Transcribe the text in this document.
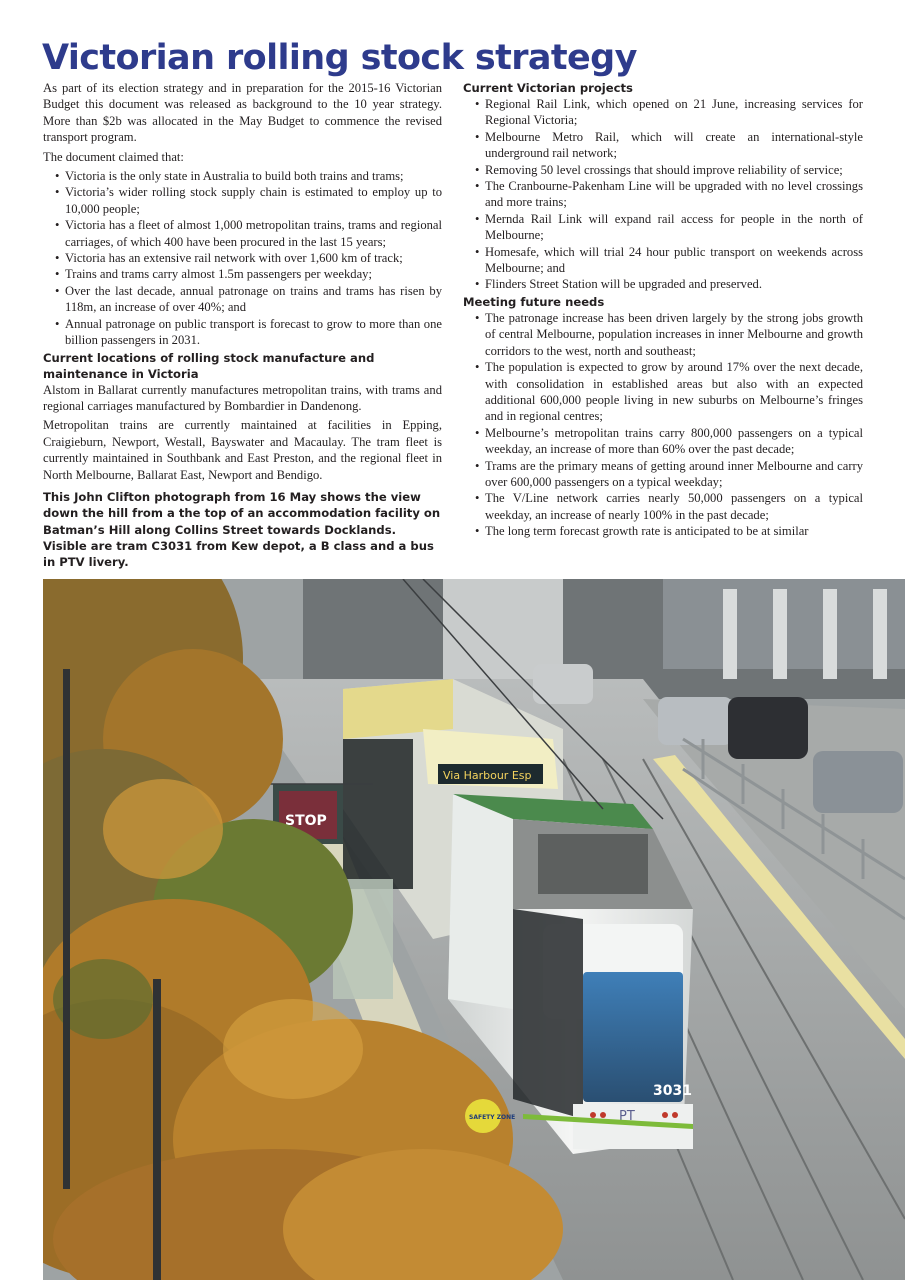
Victorian rolling stock strategy

As part of its election strategy and in preparation for the 2015-16 Victorian Budget this document was released as background to the 10 year strategy. More than $2b was allocated in the May Budget to commence the revised transport program.

The document claimed that:

• Victoria is the only state in Australia to build both trains and trams;
• Victoria’s wider rolling stock supply chain is estimated to employ up to 10,000 people;
• Victoria has a fleet of almost 1,000 metropolitan trains, trams and regional carriages, of which 400 have been procured in the last 15 years;
• Victoria has an extensive rail network with over 1,600 km of track;
• Trains and trams carry almost 1.5m passengers per weekday;
• Over the last decade, annual patronage on trains and trams has risen by 118m, an increase of over 40%; and
• Annual patronage on public transport is forecast to grow to more than one billion passengers in 2031.
Current locations of rolling stock manufacture and maintenance in Victoria

Alstom in Ballarat currently manufactures metropolitan trains, with trams and regional carriages manufactured by Bombardier in Dandenong.

Metropolitan trains are currently maintained at facilities in Epping, Craigieburn, Newport, Westall, Bayswater and Macaulay. The tram fleet is currently maintained in Southbank and East Preston, and the regional fleet in North Melbourne, Ballarat East, Newport and Bendigo.

This John Clifton photograph from 16 May shows the view down the hill from a the top of an accommodation facility on Batman’s Hill along Collins Street towards Docklands. Visible are tram C3031 from Kew depot, a B class and a bus in PTV livery.

Current Victorian projects
• Regional Rail Link, which opened on 21 June, increasing services for Regional Victoria;
• Melbourne Metro Rail, which will create an international-style underground rail network;
• Removing 50 level crossings that should improve reliability of service;
• The Cranbourne-Pakenham Line will be upgraded with no level crossings and more trains;
• Mernda Rail Link will expand rail access for people in the north of Melbourne;
• Homesafe, which will trial 24 hour public transport on weekends across Melbourne; and
• Flinders Street Station will be upgraded and preserved.
Meeting future needs
• The patronage increase has been driven largely by the strong jobs growth of central Melbourne, population increases in inner Melbourne and growth corridors to the west, north and southeast;
• The population is expected to grow by around 17% over the next decade, with consolidation in established areas but also with an expected additional 600,000 people living in new suburbs on Melbourne’s fringes and in regional centres;
• Melbourne’s metropolitan trains carry 800,000 passengers on a typical weekday, an increase of more than 60% over the past decade;
• Trams are the primary means of getting around inner Melbourne and carry over 600,000 passengers on a typical weekday;
• The V/Line network carries nearly 50,000 passengers on a typical weekday, an increase of nearly 100% in the past decade;
• The long term forecast growth rate is anticipated to be at similar
Via Harbour Esp
STOP
3031
PT
SAFETY ZONE
